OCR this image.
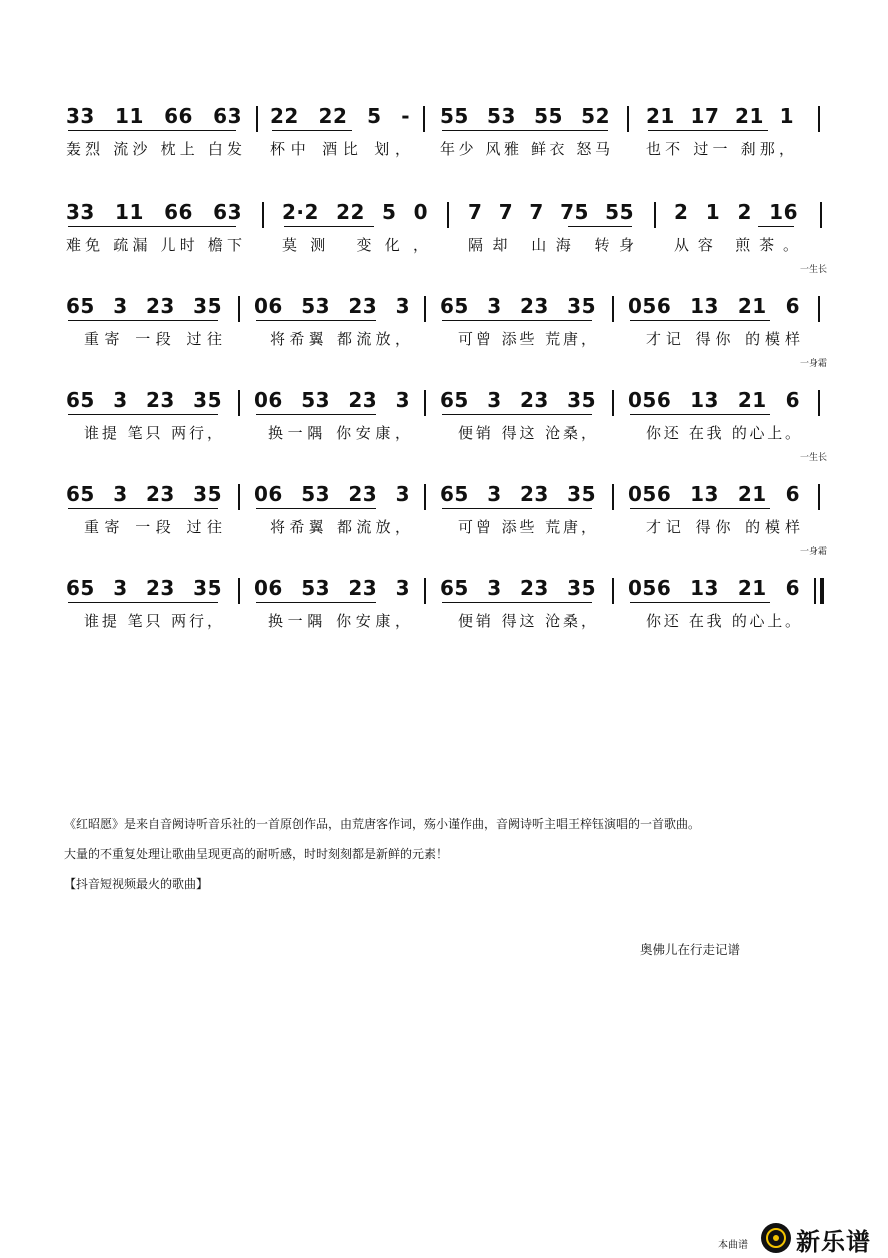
33 11 66 63
轰烈 流沙 枕上 白发
22 22 5 -
杯中 酒比 划，
55 53 55 52
年少 风雅 鲜衣 怒马
21 17 21 1
也不 过一 刹那，
33 11 66 63
难免 疏漏 儿时 檐下
2·2 22 5 0
莫测 变化，
7 7 7 75 55
隔却 山海 转身
2 1 2 16
从容 煎茶。
一生长
65 3 23 35
重寄 一段 过往
06 53 23 3
将希翼 都流放，
65 3 23 35
可曾 添些 荒唐，
056 13 21 6
才记 得你 的模样
一身霜
65 3 23 35
谁提 笔只 两行，
06 53 23 3
换一隅 你安康，
65 3 23 35
便销 得这 沧桑，
056 13 21 6
你还 在我 的心上。
一生长
65 3 23 35
重寄 一段 过往
06 53 23 3
将希翼 都流放，
65 3 23 35
可曾 添些 荒唐，
056 13 21 6
才记 得你 的模样
一身霜
65 3 23 35
谁提 笔只 两行，
06 53 23 3
换一隅 你安康，
65 3 23 35
便销 得这 沧桑，
056 13 21 6
你还 在我 的心上。
《红昭愿》是来自音阙诗听音乐社的一首原创作品，由荒唐客作词，殇小谨作曲，音阙诗听主唱王梓钰演唱的一首歌曲。
大量的不重复处理让歌曲呈现更高的耐听感，时时刻刻都是新鲜的元素！
【抖音短视频最火的歌曲】
奥佛儿在行走记谱
本曲谱 新乐谱
